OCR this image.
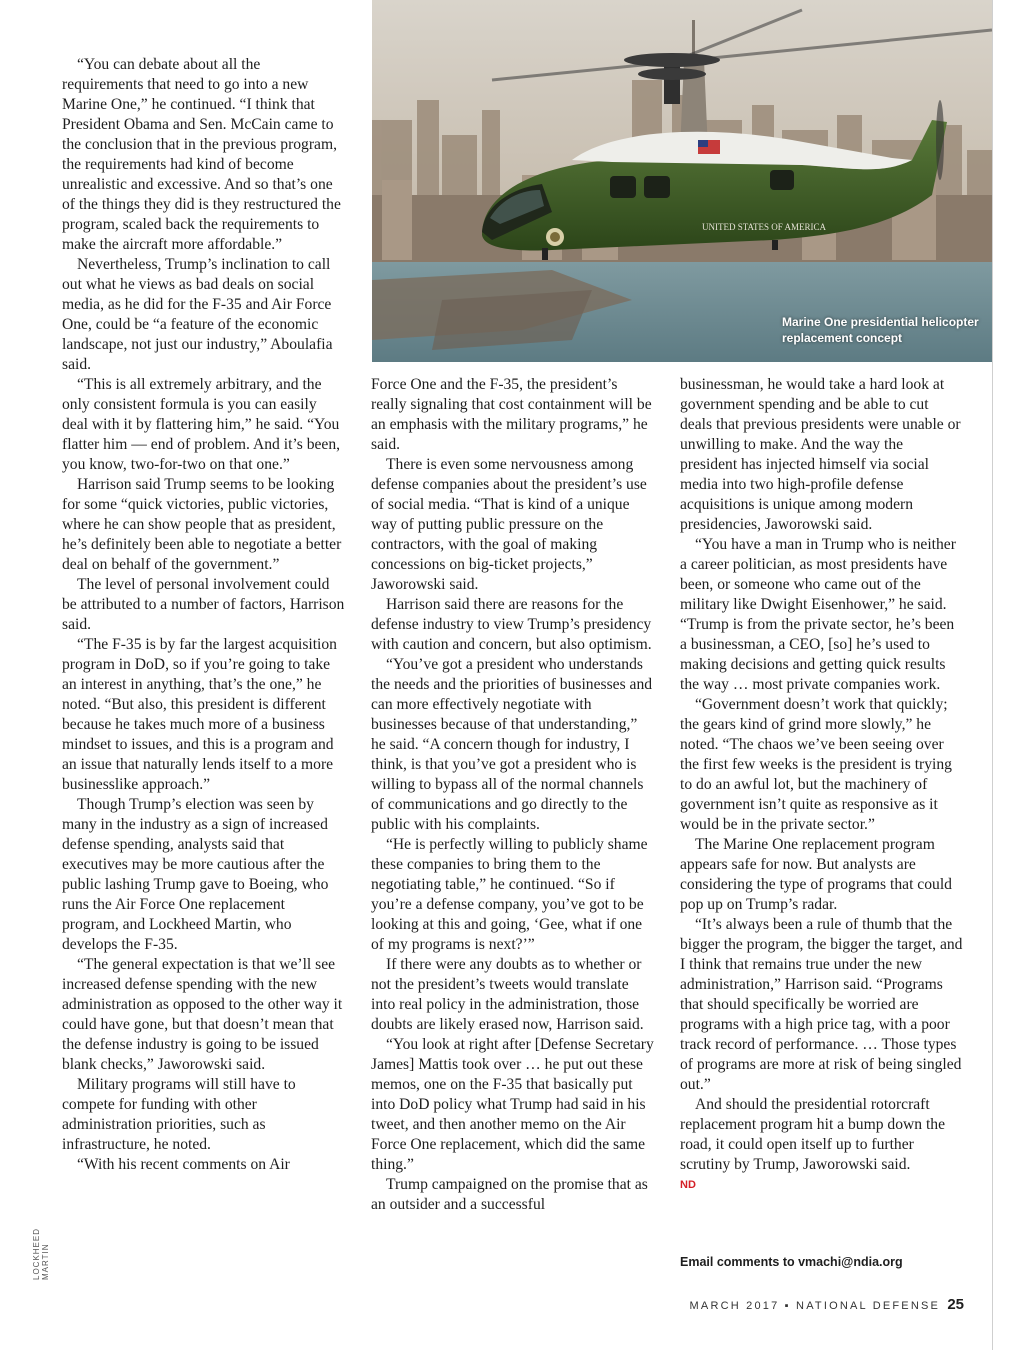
UNITED STATES OF AMERICA
Marine One presidential helicopter replacement concept

“You can debate about all the requirements that need to go into a new Marine One,” he continued. “I think that President Obama and Sen. McCain came to the conclusion that in the previous program, the requirements had kind of become unrealistic and excessive. And so that’s one of the things they did is they restructured the program, scaled back the requirements to make the aircraft more affordable.”

Nevertheless, Trump’s inclination to call out what he views as bad deals on social media, as he did for the F-35 and Air Force One, could be “a feature of the economic landscape, not just our industry,” Aboulafia said.

“This is all extremely arbitrary, and the only consistent formula is you can easily deal with it by flattering him,” he said. “You flatter him — end of problem. And it’s been, you know, two-for-two on that one.”

Harrison said Trump seems to be looking for some “quick victories, public victories, where he can show people that as president, he’s definitely been able to negotiate a better deal on behalf of the government.”

The level of personal involvement could be attributed to a number of factors, Harrison said.

“The F-35 is by far the largest acquisition program in DoD, so if you’re going to take an interest in anything, that’s the one,” he noted. “But also, this president is different because he takes much more of a business mindset to issues, and this is a program and an issue that naturally lends itself to a more businesslike approach.”

Though Trump’s election was seen by many in the industry as a sign of increased defense spending, analysts said that executives may be more cautious after the public lashing Trump gave to Boeing, who runs the Air Force One replacement program, and Lockheed Martin, who develops the F-35.

“The general expectation is that we’ll see increased defense spending with the new administration as opposed to the other way it could have gone, but that doesn’t mean that the defense industry is going to be issued blank checks,” Jaworowski said.

Military programs will still have to compete for funding with other administration priorities, such as infrastructure, he noted.

“With his recent comments on Air

Force One and the F-35, the president’s really signaling that cost containment will be an emphasis with the military programs,” he said.

There is even some nervousness among defense companies about the president’s use of social media. “That is kind of a unique way of putting public pressure on the contractors, with the goal of making concessions on big-ticket projects,” Jaworowski said.

Harrison said there are reasons for the defense industry to view Trump’s presidency with caution and concern, but also optimism.

“You’ve got a president who understands the needs and the priorities of businesses and can more effectively negotiate with businesses because of that understanding,” he said. “A concern though for industry, I think, is that you’ve got a president who is willing to bypass all of the normal channels of communications and go directly to the public with his complaints.

“He is perfectly willing to publicly shame these companies to bring them to the negotiating table,” he continued. “So if you’re a defense company, you’ve got to be looking at this and going, ‘Gee, what if one of my programs is next?’”

If there were any doubts as to whether or not the president’s tweets would translate into real policy in the administration, those doubts are likely erased now, Harrison said.

“You look at right after [Defense Secretary James] Mattis took over … he put out these memos, one on the F-35 that basically put into DoD policy what Trump had said in his tweet, and then another memo on the Air Force One replacement, which did the same thing.”

Trump campaigned on the promise that as an outsider and a successful

businessman, he would take a hard look at government spending and be able to cut deals that previous presidents were unable or unwilling to make. And the way the president has injected himself via social media into two high-profile defense acquisitions is unique among modern presidencies, Jaworowski said.

“You have a man in Trump who is neither a career politician, as most presidents have been, or someone who came out of the military like Dwight Eisenhower,” he said. “Trump is from the private sector, he’s been a businessman, a CEO, [so] he’s used to making decisions and getting quick results the way … most private companies work.

“Government doesn’t work that quickly; the gears kind of grind more slowly,” he noted. “The chaos we’ve been seeing over the first few weeks is the president is trying to do an awful lot, but the machinery of government isn’t quite as responsive as it would be in the private sector.”

The Marine One replacement program appears safe for now. But analysts are considering the type of programs that could pop up on Trump’s radar.

“It’s always been a rule of thumb that the bigger the program, the bigger the target, and I think that remains true under the new administration,” Harrison said. “Programs that should specifically be worried are programs with a high price tag, with a poor track record of performance. … Those types of programs are more at risk of being singled out.”

And should the presidential rotorcraft replacement program hit a bump down the road, it could open itself up to further scrutiny by Trump, Jaworowski said.

ND
Email comments to vmachi@ndia.org
LOCKHEED MARTIN
MARCH 2017 ▪ NATIONAL DEFENSE 25
